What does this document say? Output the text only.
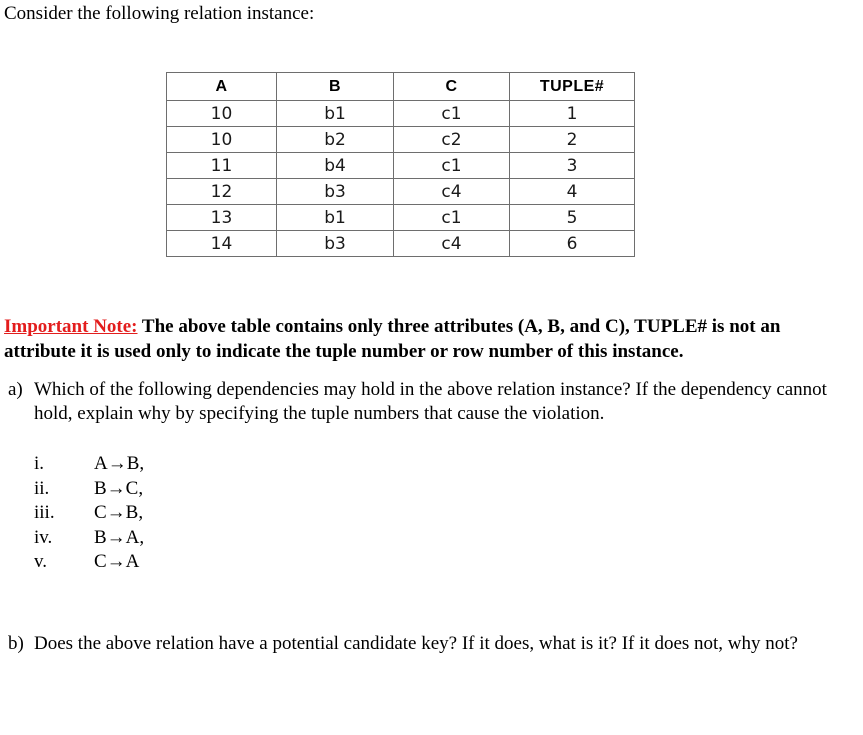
Consider the following relation instance:
A	B	C	TUPLE#
10	b1	c1	1
10	b2	c2	2
11	b4	c1	3
12	b3	c4	4
13	b1	c1	5
14	b3	c4	6
Important Note: The above table contains only three attributes (A, B, and C), TUPLE# is not an attribute it is used only to indicate the tuple number or row number of this instance.
a) Which of the following dependencies may hold in the above relation instance? If the dependency cannot hold, explain why by specifying the tuple numbers that cause the violation.
i.	A→B,
ii.	B→C,
iii.	C→B,
iv.	B→A,
v.	C→A
b) Does the above relation have a potential candidate key? If it does, what is it? If it does not, why not?
